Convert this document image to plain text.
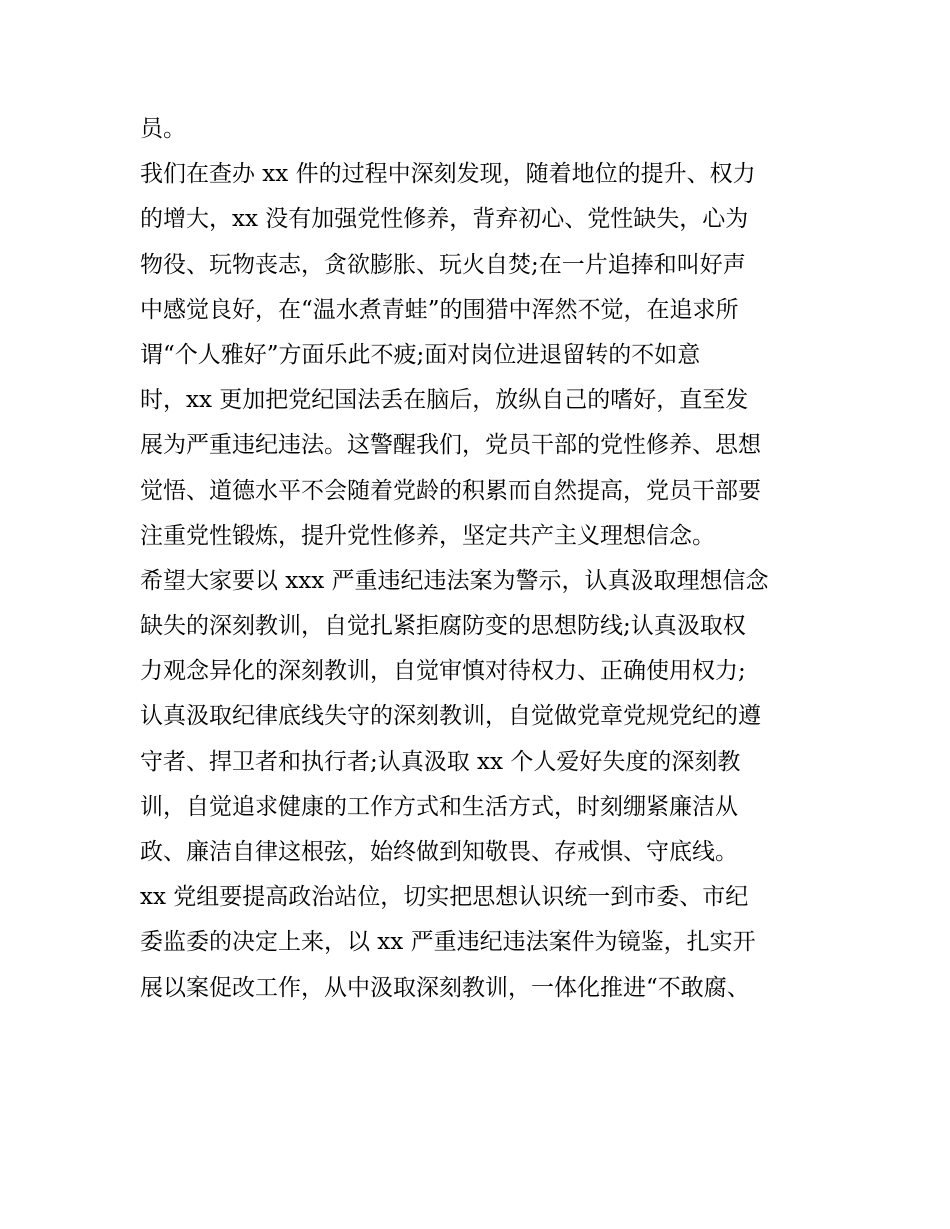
员。
我们在查办 xx 件的过程中深刻发现，随着地位的提升、权力
的增大，xx 没有加强党性修养，背弃初心、党性缺失，心为
物役、玩物丧志，贪欲膨胀、玩火自焚;在一片追捧和叫好声
中感觉良好，在“温水煮青蛙”的围猎中浑然不觉，在追求所
谓“个人雅好”方面乐此不疲;面对岗位进退留转的不如意
时，xx 更加把党纪国法丢在脑后，放纵自己的嗜好，直至发
展为严重违纪违法。这警醒我们，党员干部的党性修养、思想
觉悟、道德水平不会随着党龄的积累而自然提高，党员干部要
注重党性锻炼，提升党性修养，坚定共产主义理想信念。
希望大家要以 xxx 严重违纪违法案为警示，认真汲取理想信念
缺失的深刻教训，自觉扎紧拒腐防变的思想防线;认真汲取权
力观念异化的深刻教训，自觉审慎对待权力、正确使用权力;
认真汲取纪律底线失守的深刻教训，自觉做党章党规党纪的遵
守者、捍卫者和执行者;认真汲取 xx 个人爱好失度的深刻教
训，自觉追求健康的工作方式和生活方式，时刻绷紧廉洁从
政、廉洁自律这根弦，始终做到知敬畏、存戒惧、守底线。
xx 党组要提高政治站位，切实把思想认识统一到市委、市纪
委监委的决定上来，以 xx 严重违纪违法案件为镜鉴，扎实开
展以案促改工作，从中汲取深刻教训，一体化推进“不敢腐、
